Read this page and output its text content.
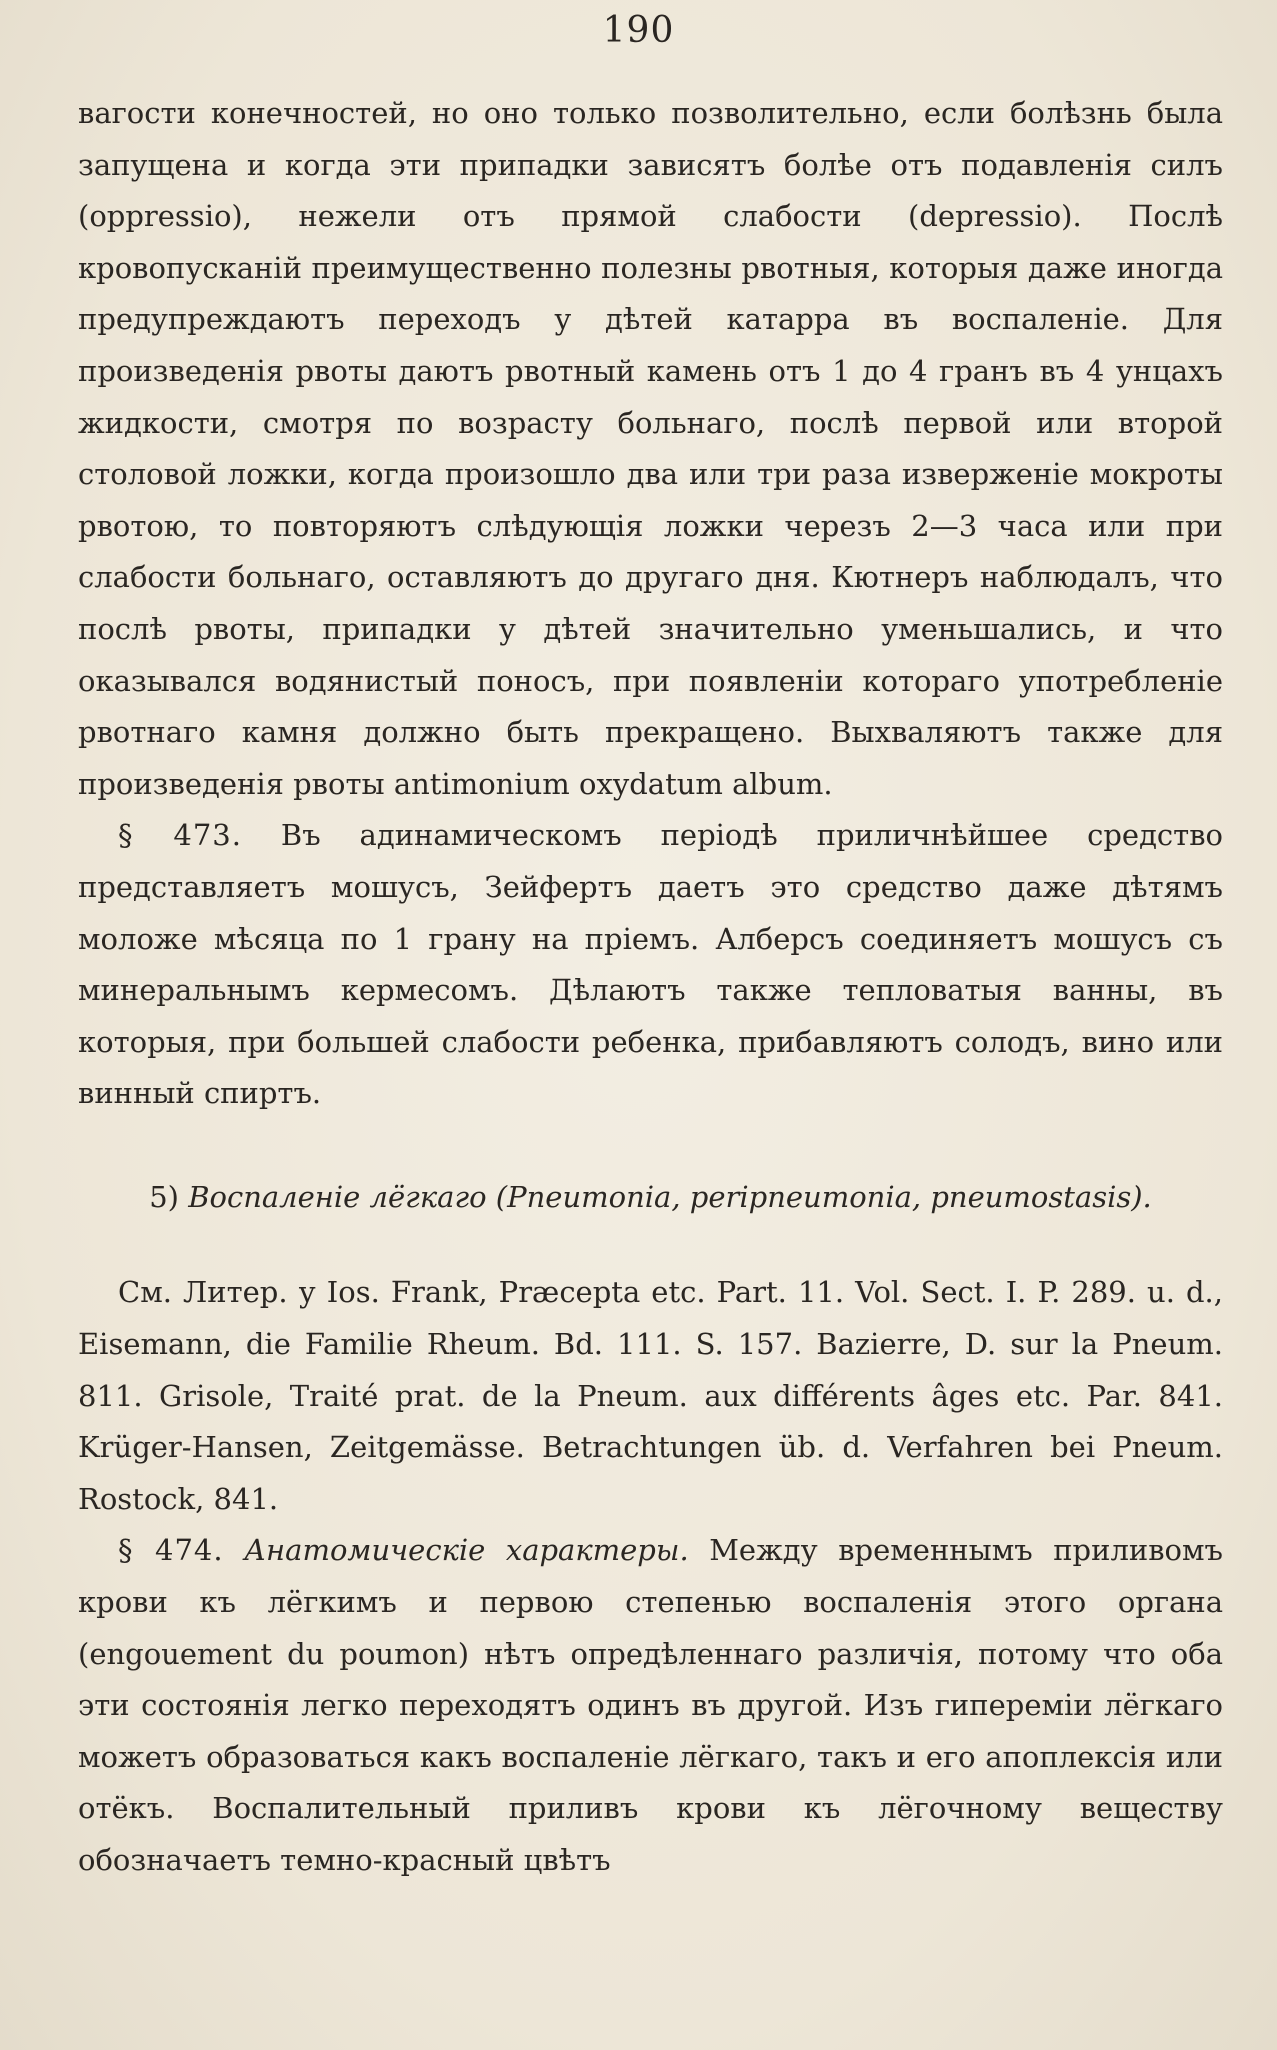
190

вагости конечностей, но оно только позволительно, если болѣзнь была запущена и когда эти припадки зависятъ болѣе отъ подавленія силъ (oppressio), нежели отъ прямой слабости (depressio). Послѣ кровопусканій преимущественно полезны рвотныя, которыя даже иногда предупреждаютъ переходъ у дѣтей катарра въ воспаленіе. Для произведенія рвоты даютъ рвотный камень отъ 1 до 4 гранъ въ 4 унцахъ жидкости, смотря по возрасту больнаго, послѣ первой или второй столовой ложки, когда произошло два или три раза изверженіе мокроты рвотою, то повторяютъ слѣдующія ложки черезъ 2—3 часа или при слабости больнаго, оставляютъ до другаго дня. Кютнеръ наблюдалъ, что послѣ рвоты, припадки у дѣтей значительно уменьшались, и что оказывался водянистый поносъ, при появленіи котораго употребленіе рвотнаго камня должно быть прекращено. Выхваляютъ также для произведенія рвоты antimonium oxydatum album.

§ 473. Въ адинамическомъ періодѣ приличнѣйшее средство представляетъ мошусъ, Зейфертъ даетъ это средство даже дѣтямъ моложе мѣсяца по 1 грану на пріемъ. Алберсъ соединяетъ мошусъ съ минеральнымъ кермесомъ. Дѣлаютъ также тепловатыя ванны, въ которыя, при большей слабости ребенка, прибавляютъ солодъ, вино или винный спиртъ.

5) Воспаленіе лёгкаго (Pneumonia, peripneumonia, pneumostasis).

См. Литер. у Ios. Frank, Præcepta etc. Part. 11. Vol. Sect. I. P. 289. u. d., Eisemann, die Familie Rheum. Bd. 111. S. 157. Bazierre, D. sur la Pneum. 811. Grisole, Traité prat. de la Pneum. aux différents âges etc. Par. 841. Krüger-Hansen, Zeitgemässe. Betrachtungen üb. d. Verfahren bei Pneum. Rostock, 841.

§ 474. Анатомическіе характеры. Между временнымъ приливомъ крови къ лёгкимъ и первою степенью воспаленія этого органа (engouement du poumon) нѣтъ опредѣленнаго различія, потому что оба эти состоянія легко переходятъ одинъ въ другой. Изъ гипереміи лёгкаго можетъ образоваться какъ воспаленіе лёгкаго, такъ и его апоплексія или отёкъ. Воспалительный приливъ крови къ лёгочному веществу обозначаетъ темно-красный цвѣтъ
